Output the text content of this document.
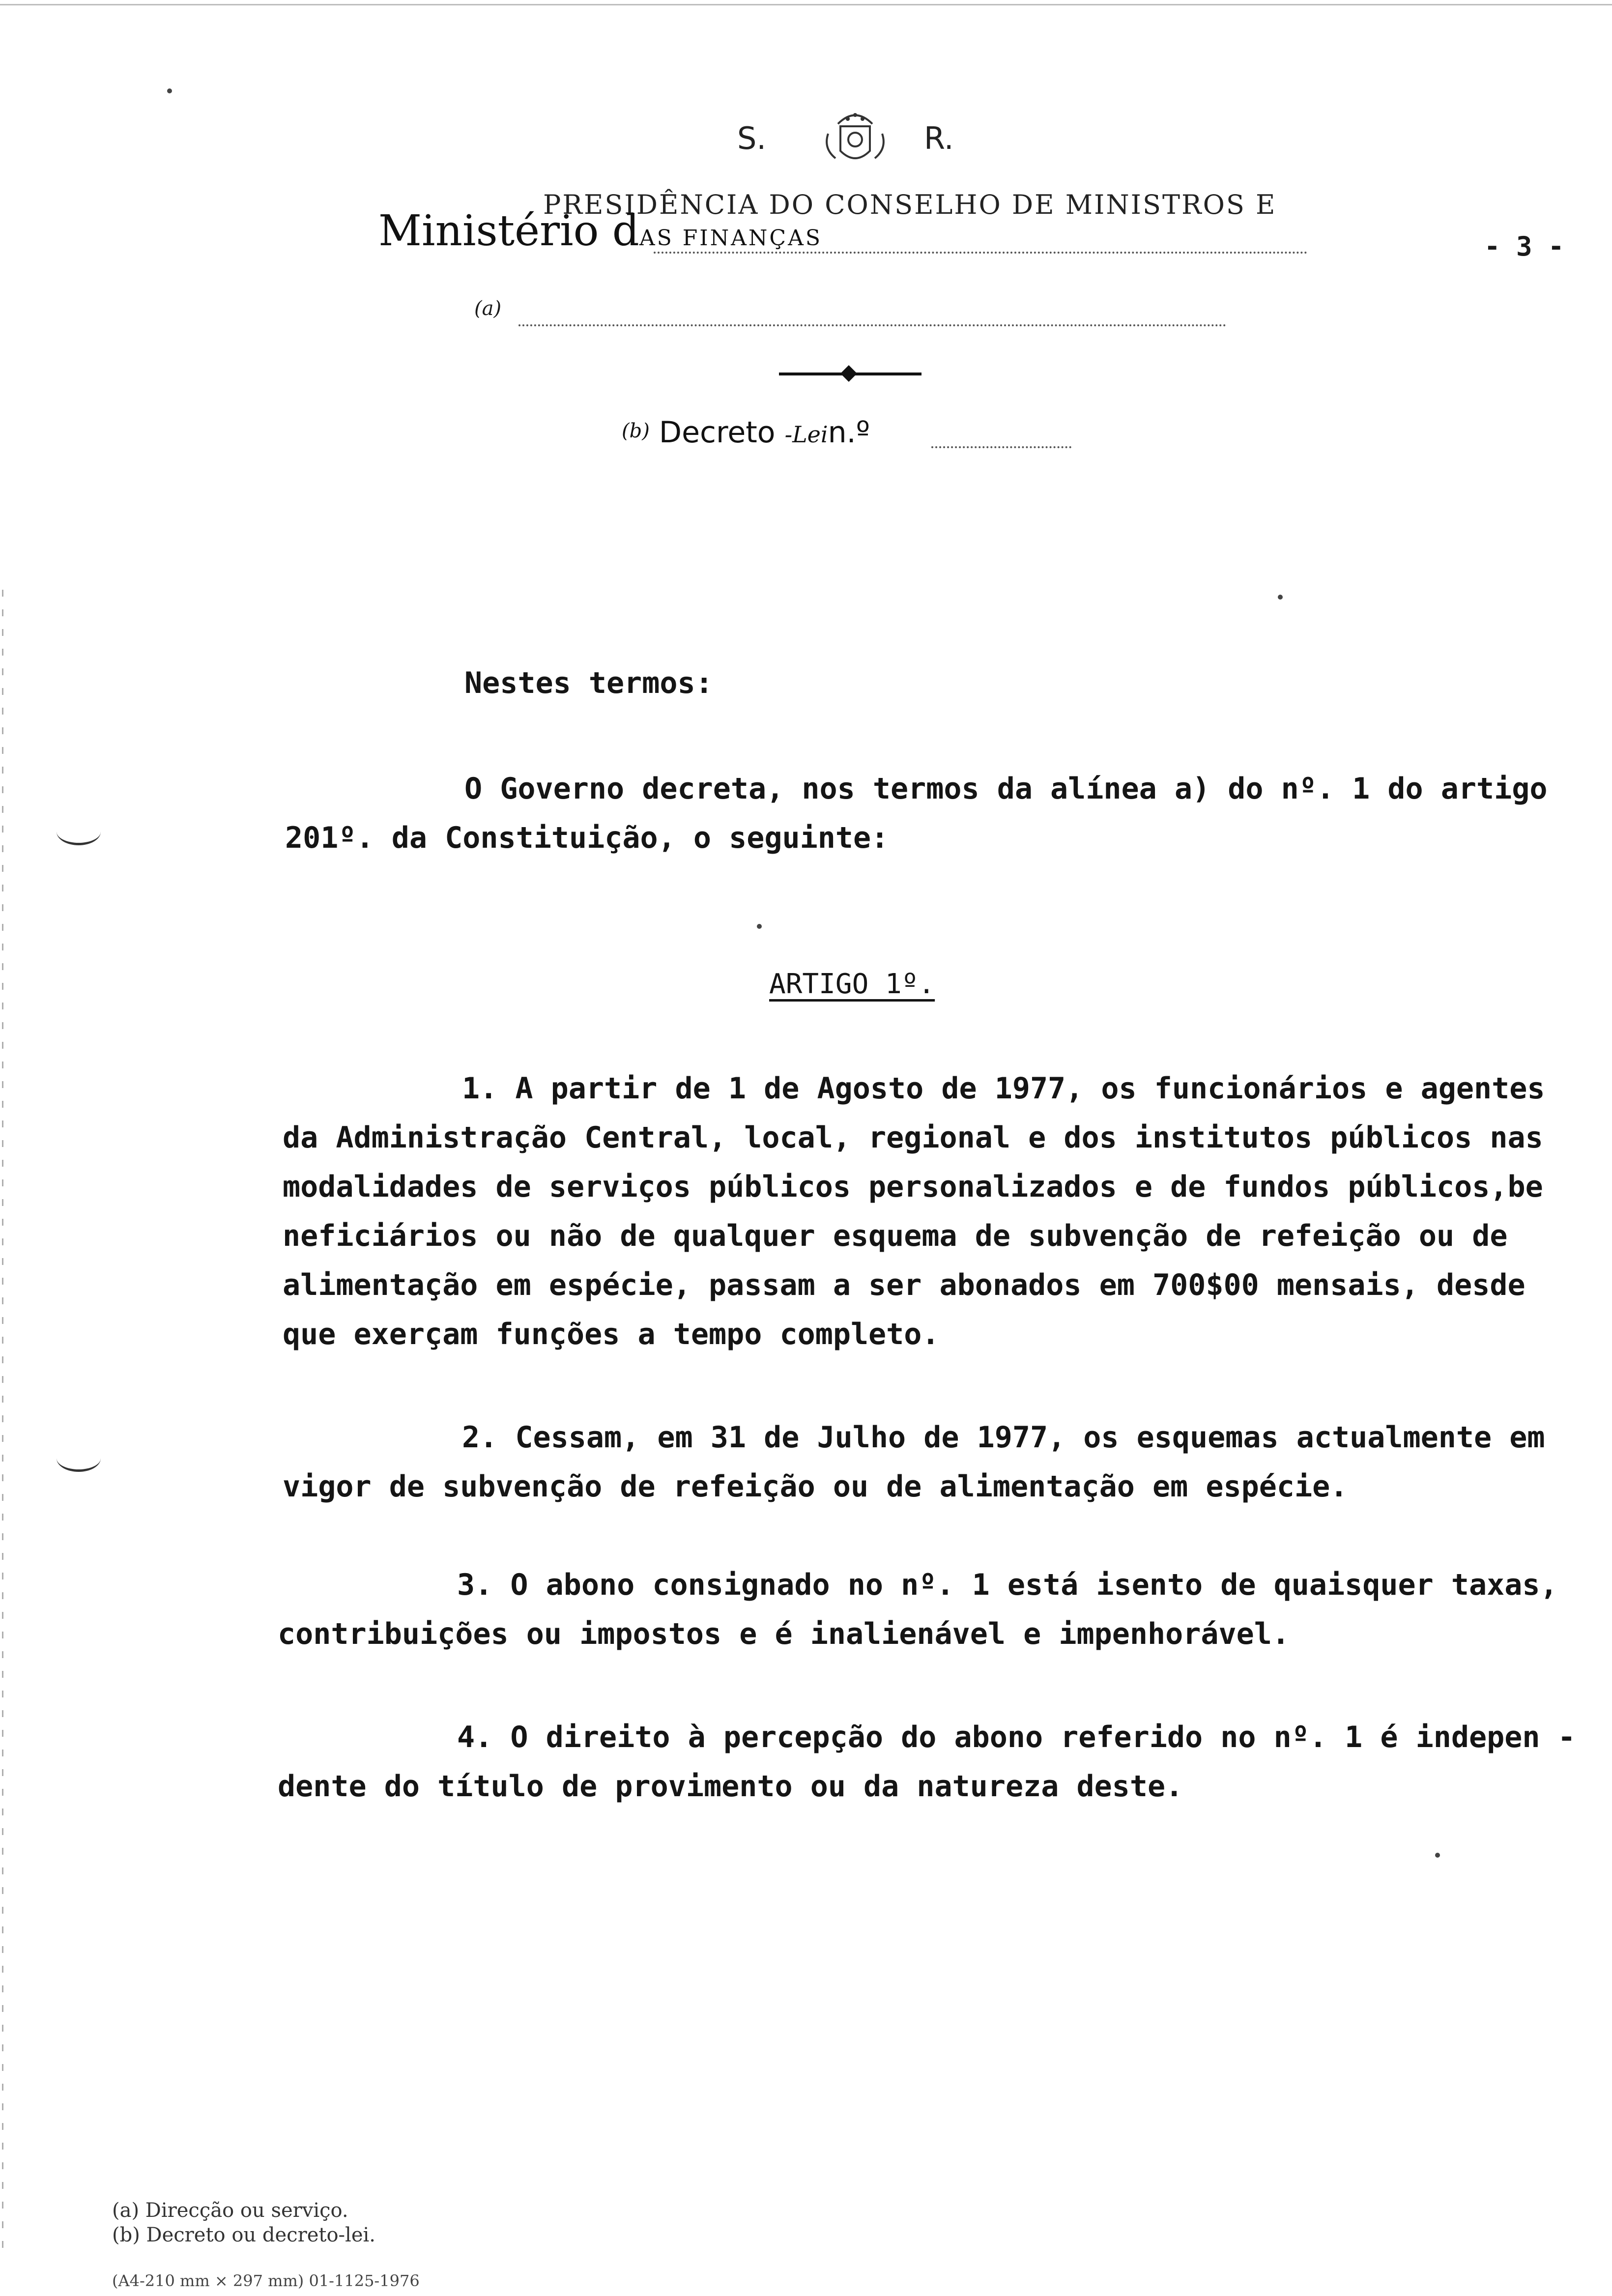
S.	R.
PRESIDÊNCIA DO CONSELHO DE MINISTROS E
Ministério dAS FINANÇAS	- 3 -
(a)
$^{(b)}$ Decreto -Lein.º
Nestes termos:
O Governo decreta, nos termos da alínea a) do nº. 1 do artigo
201º. da Constituição, o seguinte:
ARTIGO 1º.
1. A partir de 1 de Agosto de 1977, os funcionários e agentes
da Administração Central, local, regional e dos institutos públicos nas
modalidades de serviços públicos personalizados e de fundos públicos,be
neficiários ou não de qualquer esquema de subvenção de refeição ou de
alimentação em espécie, passam a ser abonados em 700$00 mensais, desde
que exerçam funções a tempo completo.
2. Cessam, em 31 de Julho de 1977, os esquemas actualmente em
vigor de subvenção de refeição ou de alimentação em espécie.
3. O abono consignado no nº. 1 está isento de quaisquer taxas,
contribuições ou impostos e é inalienável e impenhorável.
4. O direito à percepção do abono referido no nº. 1 é indepen -
dente do título de provimento ou da natureza deste.
(a) Direcção ou serviço.
(b) Decreto ou decreto-lei.
(A4-210 mm × 297 mm) 01-1125-1976
